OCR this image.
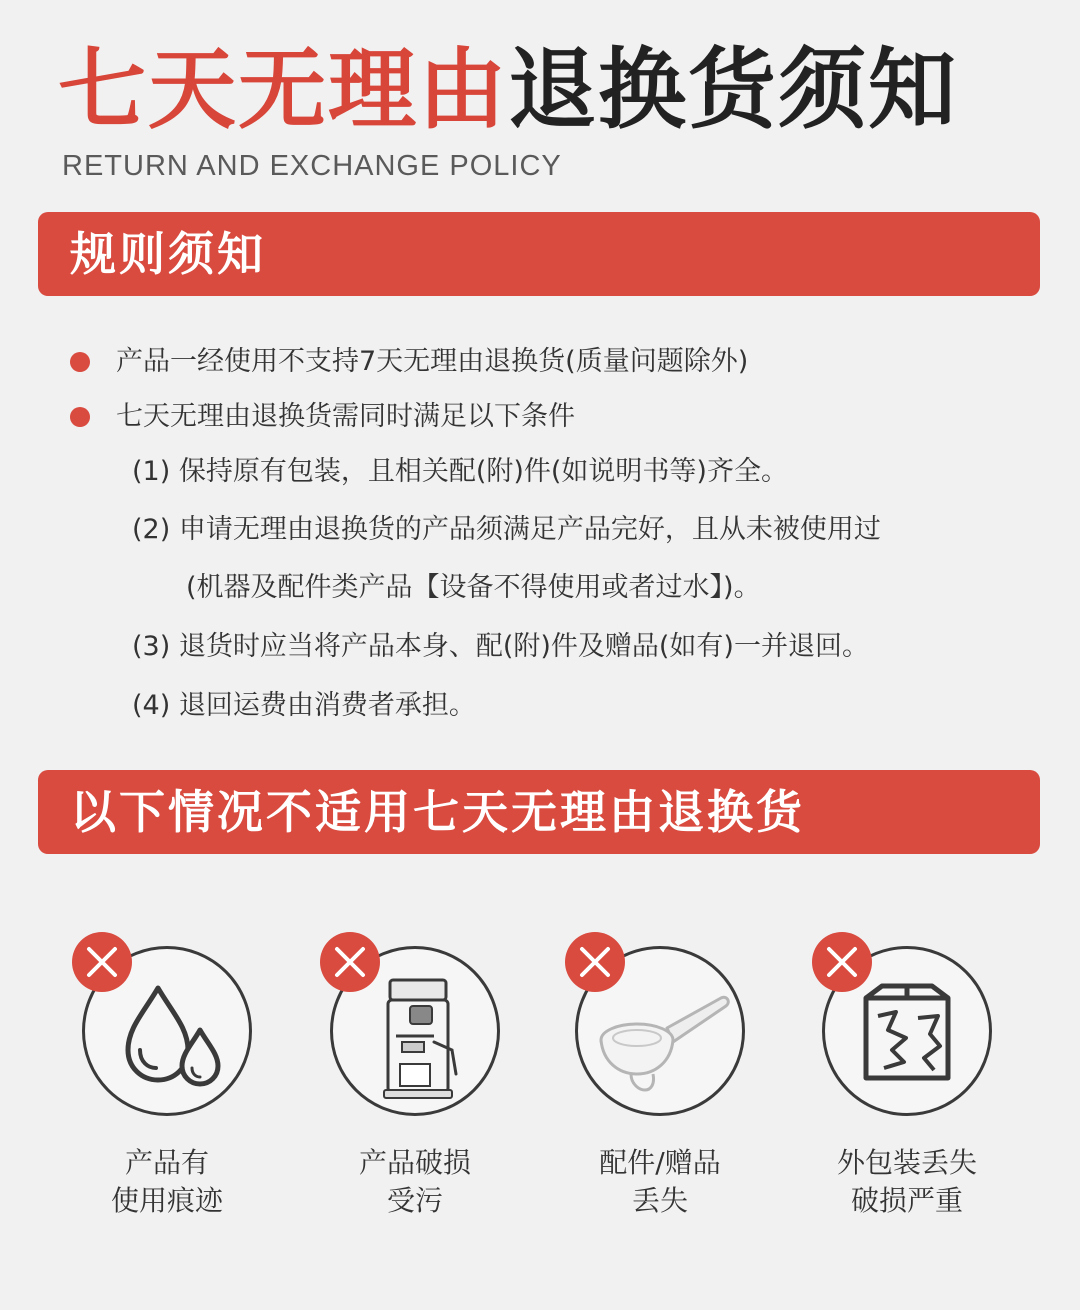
七天无理由退换货须知
RETURN AND EXCHANGE POLICY
规则须知
产品一经使用不支持7天无理由退换货(质量问题除外)
七天无理由退换货需同时满足以下条件
(1) 保持原有包装，且相关配(附)件(如说明书等)齐全。
(2) 申请无理由退换货的产品须满足产品完好，且从未被使用过
(机器及配件类产品【设备不得使用或者过水】)。
(3) 退货时应当将产品本身、配(附)件及赠品(如有)一并退回。
(4) 退回运费由消费者承担。
以下情况不适用七天无理由退换货
产品有
使用痕迹
产品破损
受污
配件/赠品
丢失
外包装丢失
破损严重
